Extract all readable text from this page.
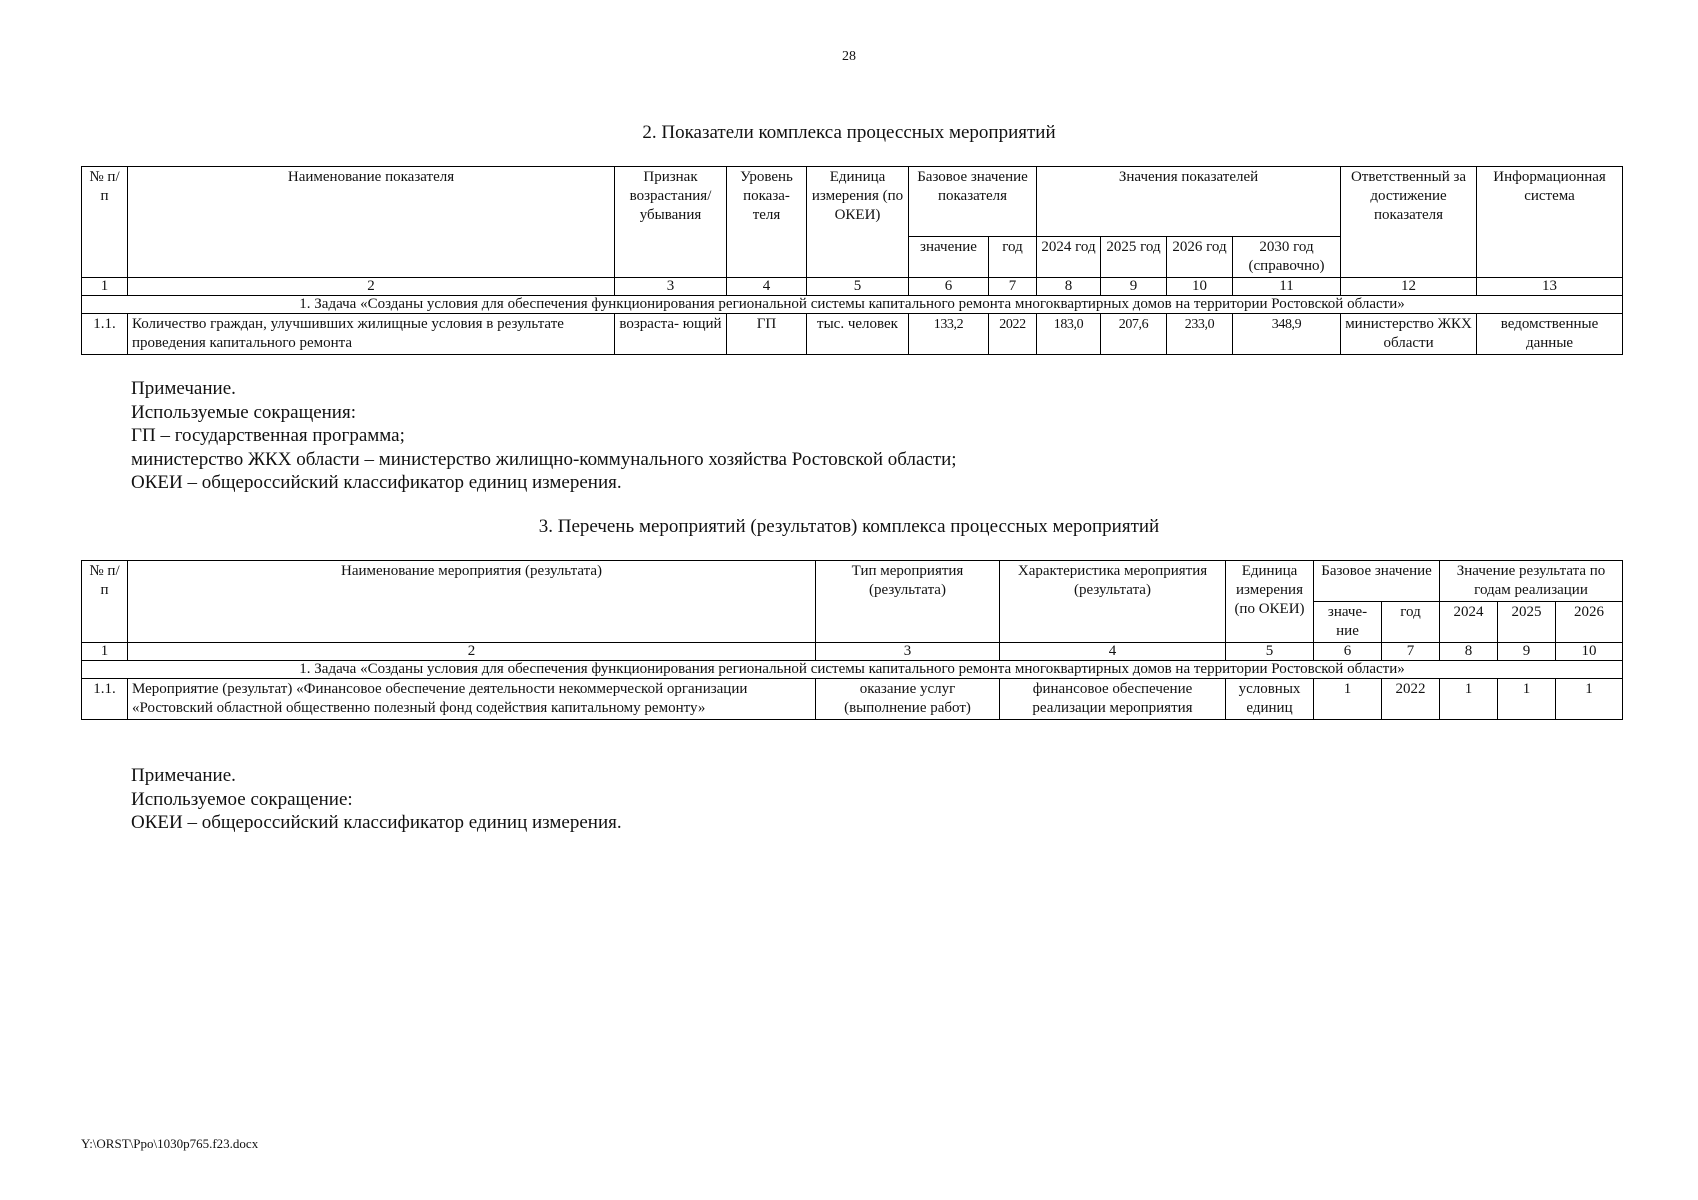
28
2. Показатели комплекса процессных мероприятий
№ п/п	Наименование показателя	Признак возрастания/ убывания	Уровень показа- теля	Единица измерения (по ОКЕИ)	Базовое значение показателя		Значения показателей				Ответственный за достижение показателя	Информационная система
					значение	год	2024 год	2025 год	2026 год	2030 год (справочно)		
1	2	3	4	5	6	7	8	9	10	11	12	13
1. Задача «Созданы условия для обеспечения функционирования региональной системы капитального ремонта многоквартирных домов на территории Ростовской области»												
1.1.	Количество граждан, улучшивших жилищные условия в результате проведения капитального ремонта	возраста- ющий	ГП	тыс. человек	133,2	2022	183,0	207,6	233,0	348,9	министерство ЖКХ области	ведомственные данные
Примечание.
Используемые сокращения:
ГП – государственная программа;
министерство ЖКХ области – министерство жилищно-коммунального хозяйства Ростовской области;
ОКЕИ – общероссийский классификатор единиц измерения.
3. Перечень мероприятий (результатов) комплекса процессных мероприятий
№ п/п	Наименование мероприятия (результата)	Тип мероприятия (результата)	Характеристика мероприятия (результата)	Единица измерения (по ОКЕИ)	Базовое значение		Значение результата по годам реализации		
					значе- ние	год	2024	2025	2026
1	2	3	4	5	6	7	8	9	10
1. Задача «Созданы условия для обеспечения функционирования региональной системы капитального ремонта многоквартирных домов на территории Ростовской области»									
1.1.	Мероприятие (результат) «Финансовое обеспечение деятельности некоммерческой организации «Ростовский областной общественно полезный фонд содействия капитальному ремонту»	оказание услуг (выполнение работ)	финансовое обеспечение реализации мероприятия	условных единиц	1	2022	1	1	1
Примечание.
Используемое сокращение:
ОКЕИ – общероссийский классификатор единиц измерения.
Y:\ORST\Ppo\1030p765.f23.docx
